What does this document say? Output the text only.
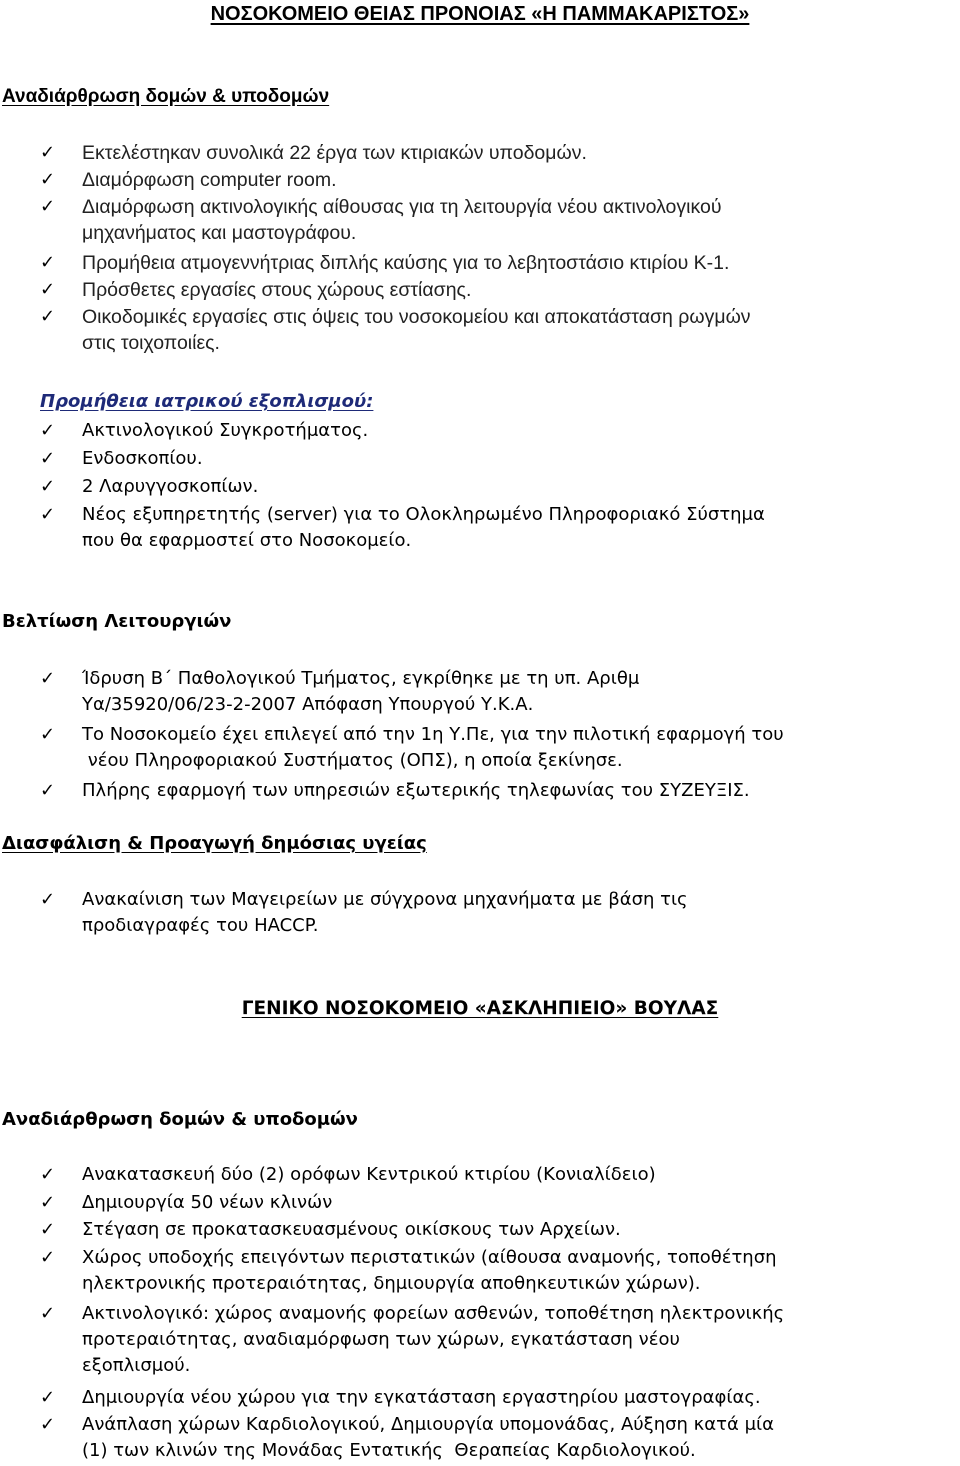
ΝΟΣΟΚΟΜΕΙΟ ΘΕΙΑΣ ΠΡΟΝΟΙΑΣ «Η ΠΑΜΜΑΚΑΡΙΣΤΟΣ»
Αναδιάρθρωση δομών & υποδομών
✓ Εκτελέστηκαν συνολικά 22 έργα των κτιριακών υποδομών.
✓ Διαμόρφωση computer room.
✓ Διαμόρφωση ακτινολογικής αίθουσας για τη λειτουργία νέου ακτινολογικού
μηχανήματος και μαστογράφου.
✓ Προμήθεια ατμογεννήτριας διπλής καύσης για το λεβητοστάσιο κτιρίου Κ-1.
✓ Πρόσθετες εργασίες στους χώρους εστίασης.
✓ Οικοδομικές εργασίες στις όψεις του νοσοκομείου και αποκατάσταση ρωγμών
στις τοιχοποιίες.
Προμήθεια ιατρικού εξοπλισμού:
✓ Ακτινολογικού Συγκροτήματος.
✓ Ενδοσκοπίου.
✓ 2 Λαρυγγοσκοπίων.
✓ Νέος εξυπηρετητής (server) για το Ολοκληρωμένο Πληροφοριακό Σύστημα
που θα εφαρμοστεί στο Νοσοκομείο.
Βελτίωση Λειτουργιών
✓ Ίδρυση Β΄ Παθολογικού Τμήματος, εγκρίθηκε με τη υπ. Αριθμ
Υα/35920/06/23-2-2007 Απόφαση Υπουργού Υ.Κ.Α.
✓ Το Νοσοκομείο έχει επιλεγεί από την 1η Υ.Πε, για την πιλοτική εφαρμογή του
νέου Πληροφοριακού Συστήματος (ΟΠΣ), η οποία ξεκίνησε.
✓ Πλήρης εφαρμογή των υπηρεσιών εξωτερικής τηλεφωνίας του ΣΥΖΕΥΞΙΣ.
Διασφάλιση & Προαγωγή δημόσιας υγείας
✓ Ανακαίνιση των Μαγειρείων με σύγχρονα μηχανήματα με βάση τις
προδιαγραφές του HACCP.
ΓΕΝΙΚΟ ΝΟΣΟΚΟΜΕΙΟ «ΑΣΚΛΗΠΙΕΙΟ» ΒΟΥΛΑΣ
Αναδιάρθρωση δομών & υποδομών
✓ Ανακατασκευή δύο (2) ορόφων Κεντρικού κτιρίου (Κονιαλίδειο)
✓ Δημιουργία 50 νέων κλινών
✓ Στέγαση σε προκατασκευασμένους οικίσκους των Αρχείων.
✓ Χώρος υποδοχής επειγόντων περιστατικών (αίθουσα αναμονής, τοποθέτηση
ηλεκτρονικής προτεραιότητας, δημιουργία αποθηκευτικών χώρων).
✓ Ακτινολογικό: χώρος αναμονής φορείων ασθενών, τοποθέτηση ηλεκτρονικής
προτεραιότητας, αναδιαμόρφωση των χώρων, εγκατάσταση νέου
εξοπλισμού.
✓ Δημιουργία νέου χώρου για την εγκατάσταση εργαστηρίου μαστογραφίας.
✓ Ανάπλαση χώρων Καρδιολογικού, Δημιουργία υπομονάδας, Αύξηση κατά μία
(1) των κλινών της Μονάδας Εντατικής  Θεραπείας Καρδιολογικού.
